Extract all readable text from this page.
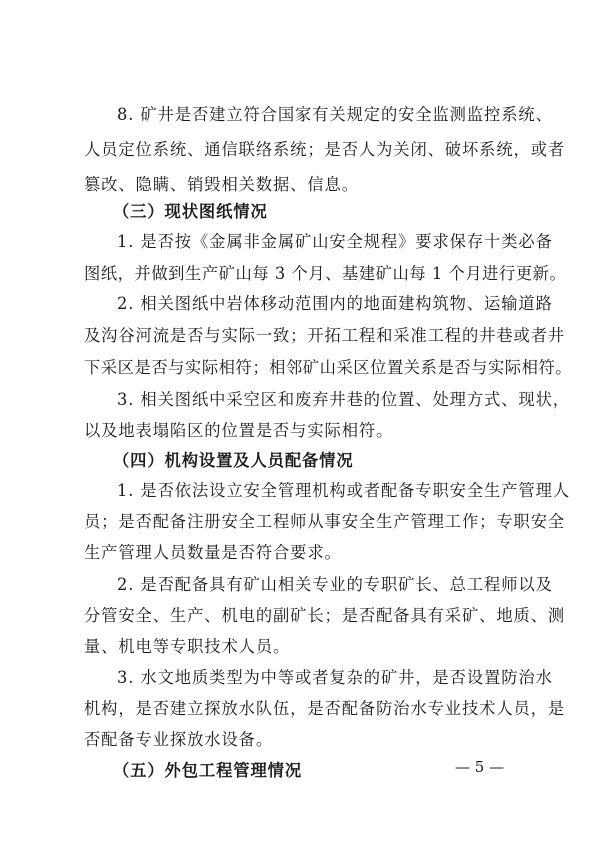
8. 矿井是否建立符合国家有关规定的安全监测监控系统、
人员定位系统、通信联络系统；是否人为关闭、破坏系统，或者
篡改、隐瞒、销毁相关数据、信息。
（三）现状图纸情况
1. 是否按《金属非金属矿山安全规程》要求保存十类必备
图纸，并做到生产矿山每 3 个月、基建矿山每 1 个月进行更新。
2. 相关图纸中岩体移动范围内的地面建构筑物、运输道路
及沟谷河流是否与实际一致；开拓工程和采准工程的井巷或者井
下采区是否与实际相符；相邻矿山采区位置关系是否与实际相符。
3. 相关图纸中采空区和废弃井巷的位置、处理方式、现状，
以及地表塌陷区的位置是否与实际相符。
（四）机构设置及人员配备情况
1. 是否依法设立安全管理机构或者配备专职安全生产管理人
员；是否配备注册安全工程师从事安全生产管理工作；专职安全
生产管理人员数量是否符合要求。
2. 是否配备具有矿山相关专业的专职矿长、总工程师以及
分管安全、生产、机电的副矿长；是否配备具有采矿、地质、测
量、机电等专职技术人员。
3. 水文地质类型为中等或者复杂的矿井，是否设置防治水
机构，是否建立探放水队伍，是否配备防治水专业技术人员，是
否配备专业探放水设备。
（五）外包工程管理情况	— 5 —
